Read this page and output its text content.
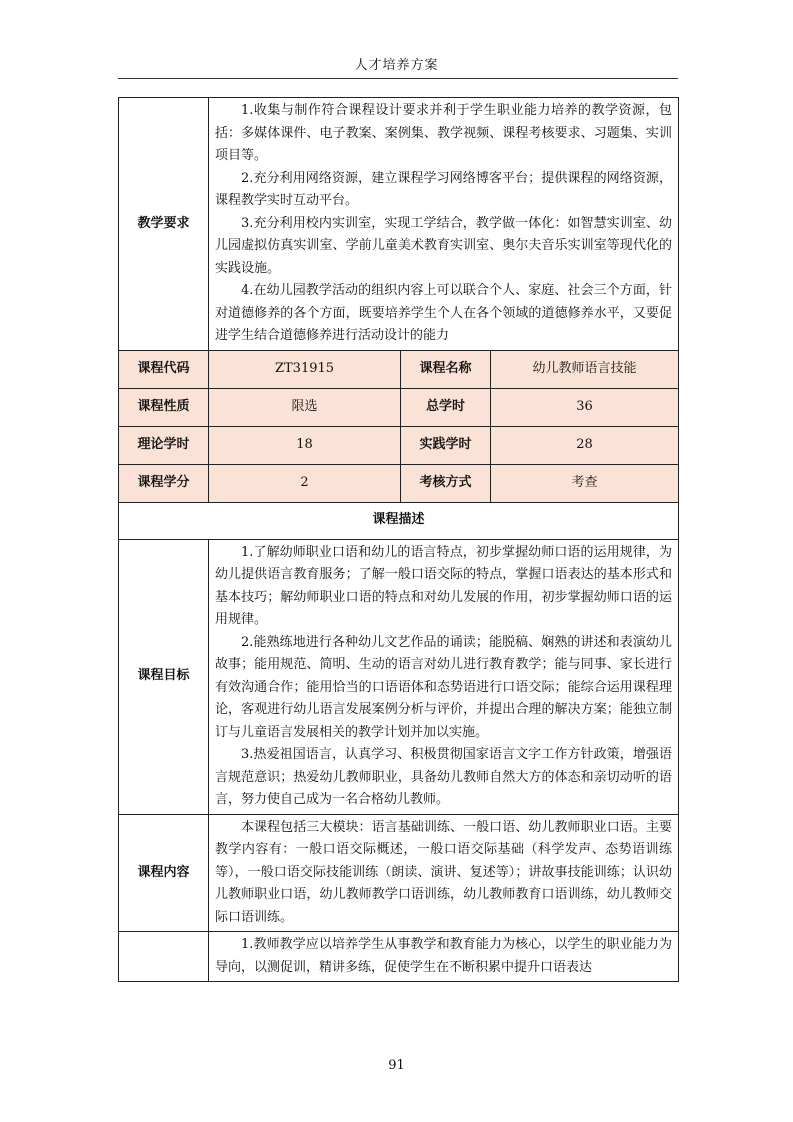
人才培养方案
教学要求	1.收集与制作符合课程设计要求并利于学生职业能力培养的教学资源，包括：多媒体课件、电子教案、案例集、教学视频、课程考核要求、习题集、实训项目等。

2.充分利用网络资源，建立课程学习网络博客平台；提供课程的网络资源，课程教学实时互动平台。

3.充分利用校内实训室，实现工学结合，教学做一体化：如智慧实训室、幼儿园虚拟仿真实训室、学前儿童美术教育实训室、奥尔夫音乐实训室等现代化的实践设施。

4.在幼儿园教学活动的组织内容上可以联合个人、家庭、社会三个方面，针对道德修养的各个方面，既要培养学生个人在各个领域的道德修养水平，又要促进学生结合道德修养进行活动设计的能力		

课程代码	ZT31915	课程名称	幼儿教师语言技能
课程性质	限选	总学时	36
理论学时	18	实践学时	28
课程学分	2	考核方式	考查
课程描述			
课程目标	1.了解幼师职业口语和幼儿的语言特点，初步掌握幼师口语的运用规律，为幼儿提供语言教育服务；了解一般口语交际的特点，掌握口语表达的基本形式和基本技巧；解幼师职业口语的特点和对幼儿发展的作用，初步掌握幼师口语的运用规律。

2.能熟练地进行各种幼儿文艺作品的诵读；能脱稿、娴熟的讲述和表演幼儿故事；能用规范、简明、生动的语言对幼儿进行教育教学；能与同事、家长进行有效沟通合作；能用恰当的口语语体和态势语进行口语交际；能综合运用课程理论，客观进行幼儿语言发展案例分析与评价，并提出合理的解决方案；能独立制订与儿童语言发展相关的教学计划并加以实施。

3.热爱祖国语言，认真学习、积极贯彻国家语言文字工作方针政策，增强语言规范意识；热爱幼儿教师职业，具备幼儿教师自然大方的体态和亲切动听的语言，努力使自己成为一名合格幼儿教师。		

课程内容	本课程包括三大模块：语言基础训练、一般口语、幼儿教师职业口语。主要教学内容有：一般口语交际概述，一般口语交际基础（科学发声、态势语训练等），一般口语交际技能训练（朗读、演讲、复述等）；讲故事技能训练；认识幼儿教师职业口语，幼儿教师教学口语训练，幼儿教师教育口语训练，幼儿教师交际口语训练。		

	1.教师教学应以培养学生从事教学和教育能力为核心，以学生的职业能力为导向，以测促训，精讲多练，促使学生在不断积累中提升口语表达		

91
